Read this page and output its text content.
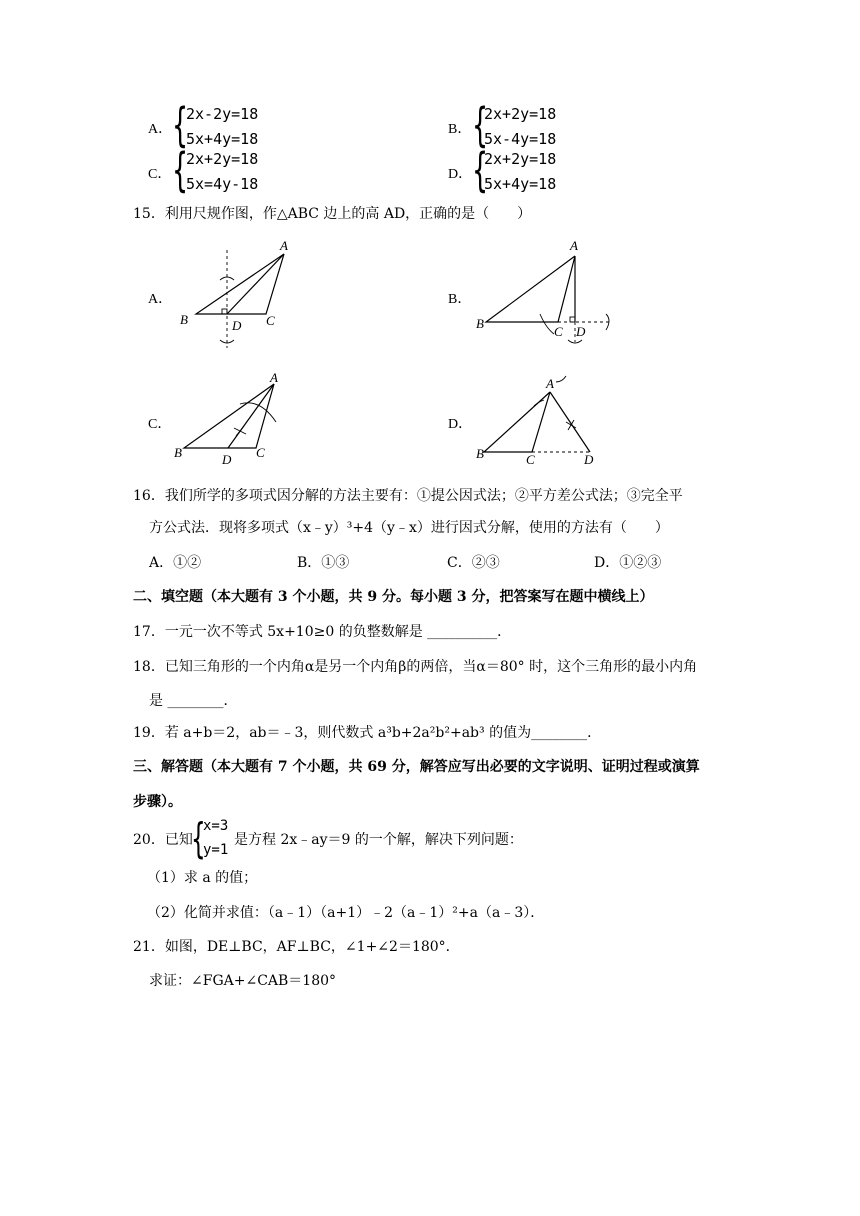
A． {
2x-2y=18
5x+4y=18
B． {
2x+2y=18
5x-4y=18
C． {
2x+2y=18
5x=4y-18
D． {
2x+2y=18
5x+4y=18
15．利用尺规作图，作△ABC 边上的高 AD，正确的是（　　）
A．
A
B	D C
B．
A
B
C D
C．
A
B	D C
D．
A
B	C	D
16．我们所学的多项式因分解的方法主要有：①提公因式法；②平方差公式法；③完全平
方公式法．现将多项式（x﹣y）³+4（y﹣x）进行因式分解，使用的方法有（　　）
A．①②	B．①③	C．②③	D．①②③
二、填空题（本大题有 3 个小题，共 9 分。每小题 3 分，把答案写在题中横线上）
17．一元一次不等式 5x+10≥0 的负整数解是 __________．
18．已知三角形的一个内角α是另一个内角β的两倍，当α＝80° 时，这个三角形的最小内角
是 ________．
19．若 a+b＝2，ab＝﹣3，则代数式 a³b+2a²b²+ab³ 的值为________．
三、解答题（本大题有 7 个小题，共 69 分，解答应写出必要的文字说明、证明过程或演算
步骤）。
20．已知
{
x=3
y=1
是方程 2x﹣ay＝9 的一个解，解决下列问题：
（1）求 a 的值；
（2）化简并求值：（a﹣1）（a+1）﹣2（a﹣1）²+a（a﹣3）．
21．如图，DE⊥BC，AF⊥BC，∠1+∠2＝180°．
求证：∠FGA+∠CAB＝180°
